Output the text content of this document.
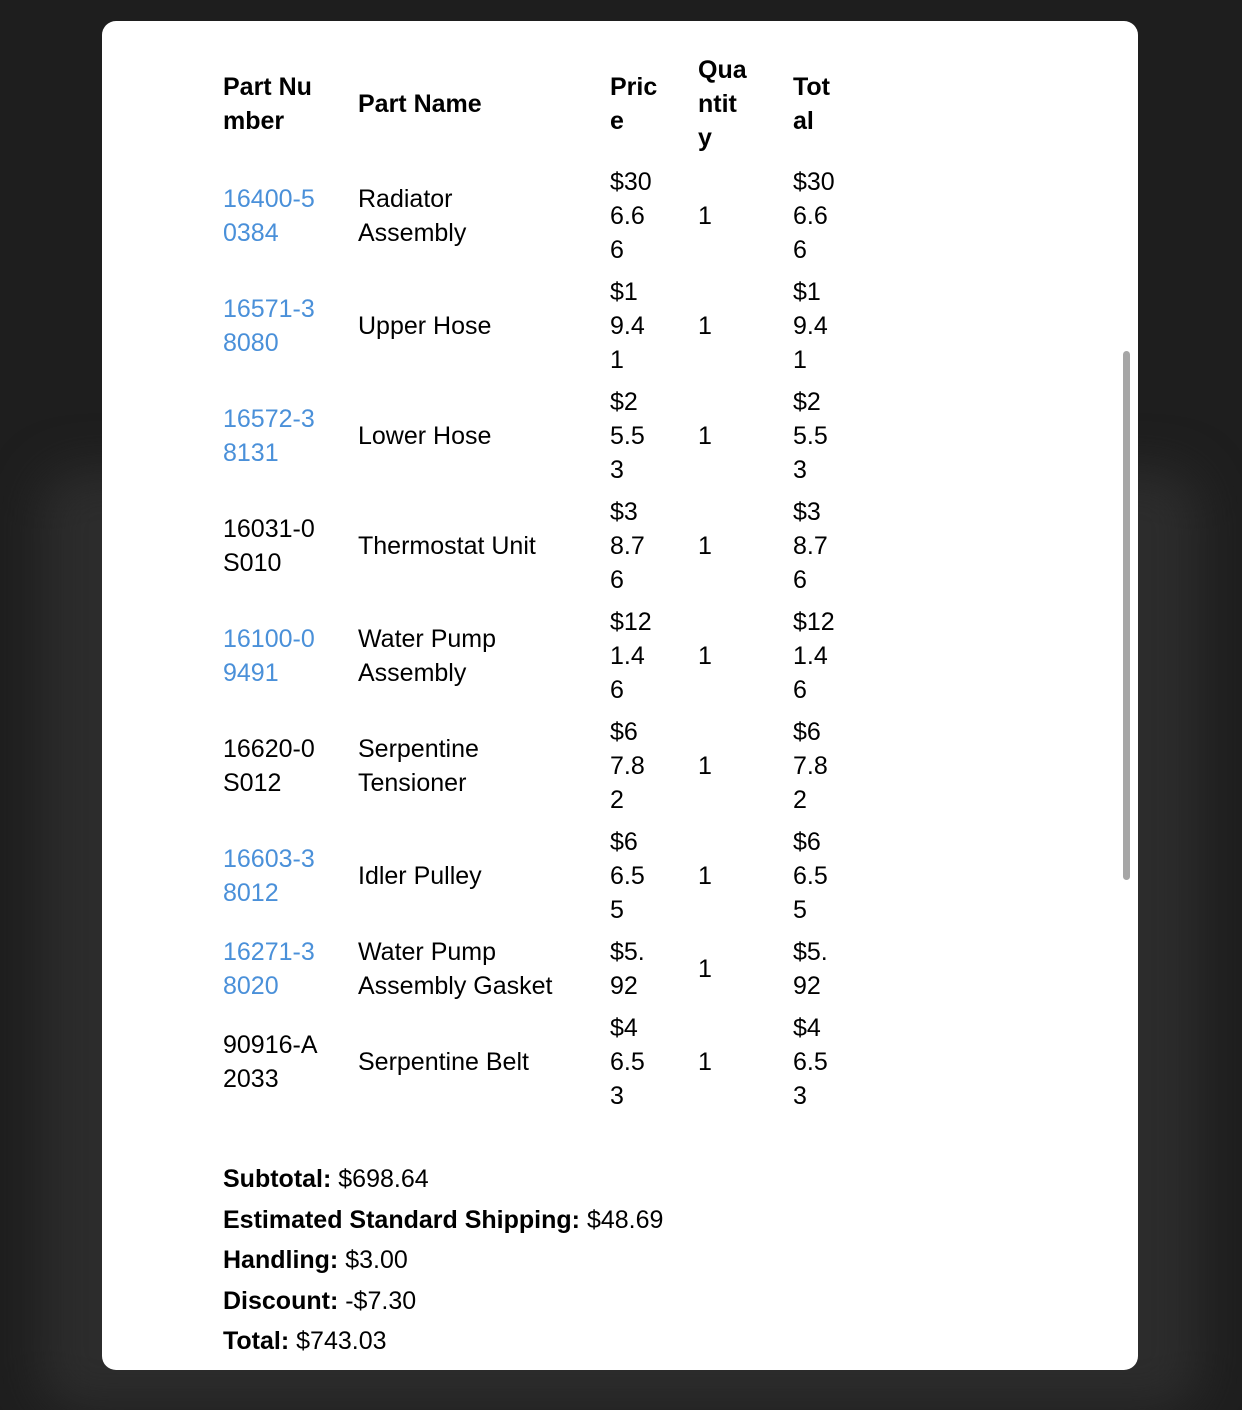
Part Number	Part Name	Price	Quantity	Total

16400-50384	Radiator Assembly	$306.66	1	$306.66

16571-38080	Upper Hose	$19.41	1	$19.41

16572-38131	Lower Hose	$25.53	1	$25.53

16031-0S010	Thermostat Unit	$38.76	1	$38.76

16100-09491	Water Pump Assembly	$121.46	1	$121.46

16620-0S012	Serpentine Tensioner	$67.82	1	$67.82

16603-38012	Idler Pulley	$66.55	1	$66.55

16271-38020	Water Pump Assembly Gasket	$5.92	1	$5.92

90916-A2033	Serpentine Belt	$46.53	1	$46.53
Subtotal: $698.64
Estimated Standard Shipping: $48.69
Handling: $3.00
Discount: -$7.30
Total: $743.03
